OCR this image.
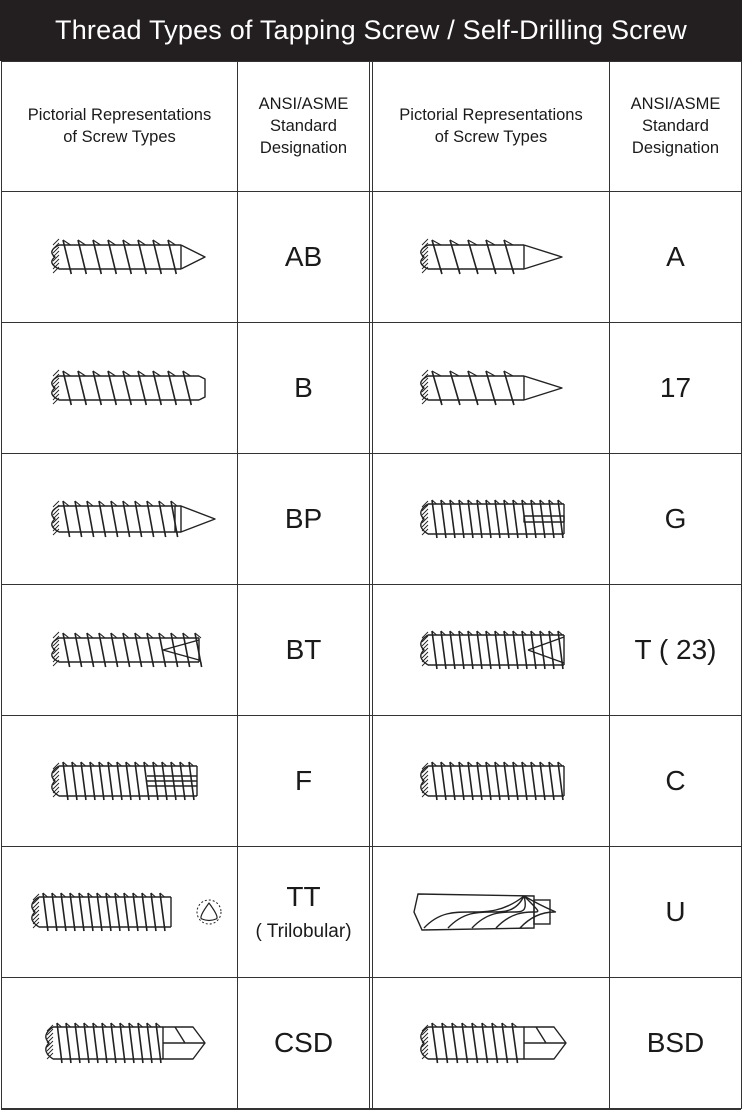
Thread Types of Tapping Screw / Self-Drilling Screw
Pictorial Representations
of Screw Types
ANSI/ASME
Standard
Designation
Pictorial Representations
of Screw Types
ANSI/ASME
Standard
Designation
AB
B
BP
BT
F
TT
( Trilobular)
CSD
A
17
G
T ( 23)
C
U
BSD
